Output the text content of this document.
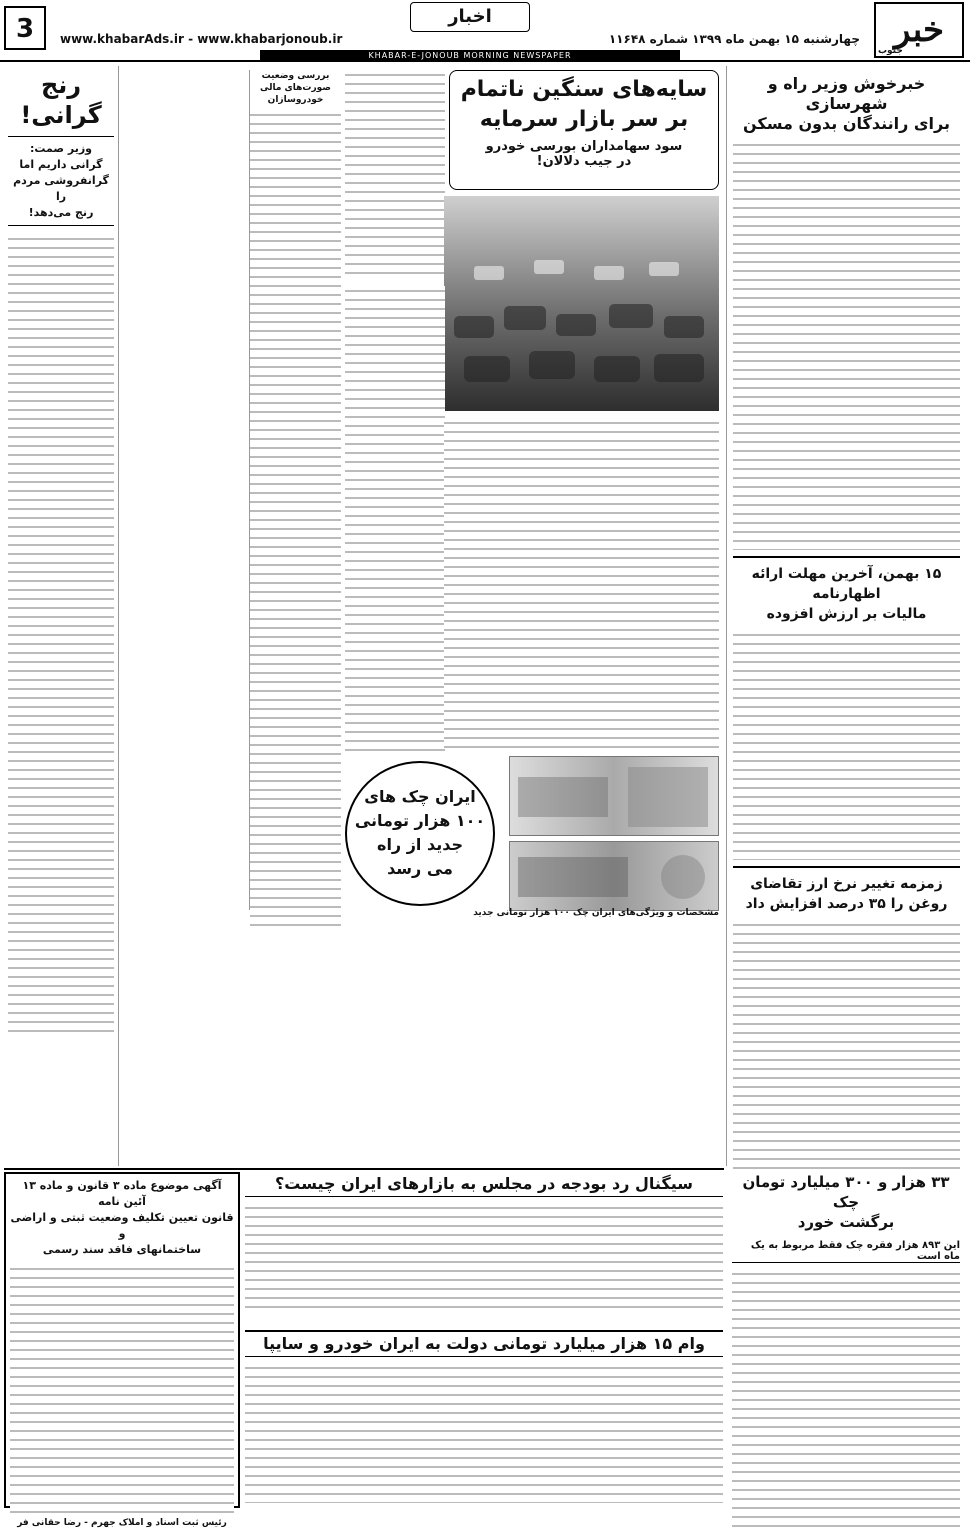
خبر
جنوب
اخبار
چهارشنبه ۱۵ بهمن ماه ۱۳۹۹ شماره ۱۱۶۴۸
www.khabarAds.ir - www.khabarjonoub.ir
3
KHABAR-E-JONOUB MORNING NEWSPAPER
خبرخوش وزیر راه و شهرسازی
برای رانندگان بدون مسکن
۱۵ بهمن، آخرین مهلت ارائه اظهارنامه
مالیات بر ارزش افزوده
زمزمه تغییر نرخ ارز تقاضای
روغن را ۳۵ درصد افزایش داد
۳۳ هزار و ۳۰۰ میلیارد تومان چک
برگشت خورد
این ۸۹۳ هزار فقره چک فقط مربوط به یک ماه است
سایه‌های سنگین ناتمام
بر سر بازار سرمایه
سود سهامداران بورسی خودرو
در جیب دلالان!
بررسی وضعیت صورت‌های مالی خودروسازان
ایران چک های
۱۰۰ هزار تومانی
جدید از راه
می رسد
مشخصات و ویژگی‌های ایران چک ۱۰۰ هزار تومانی جدید
رنج
گرانی!
وزیر صمت:
گرانی داریم اما
گرانفروشی مردم را
رنج می‌دهد!
سیگنال رد بودجه در مجلس به بازارهای ایران چیست؟
وام ۱۵ هزار میلیارد تومانی دولت به ایران خودرو و سایپا
آگهی موضوع ماده ۳ قانون و ماده ۱۳ آئین نامه
قانون تعیین تکلیف وضعیت ثبتی و اراضی و
ساختمانهای فاقد سند رسمی
رئیس ثبت اسناد و املاک جهرم - رضا حقانی فر
